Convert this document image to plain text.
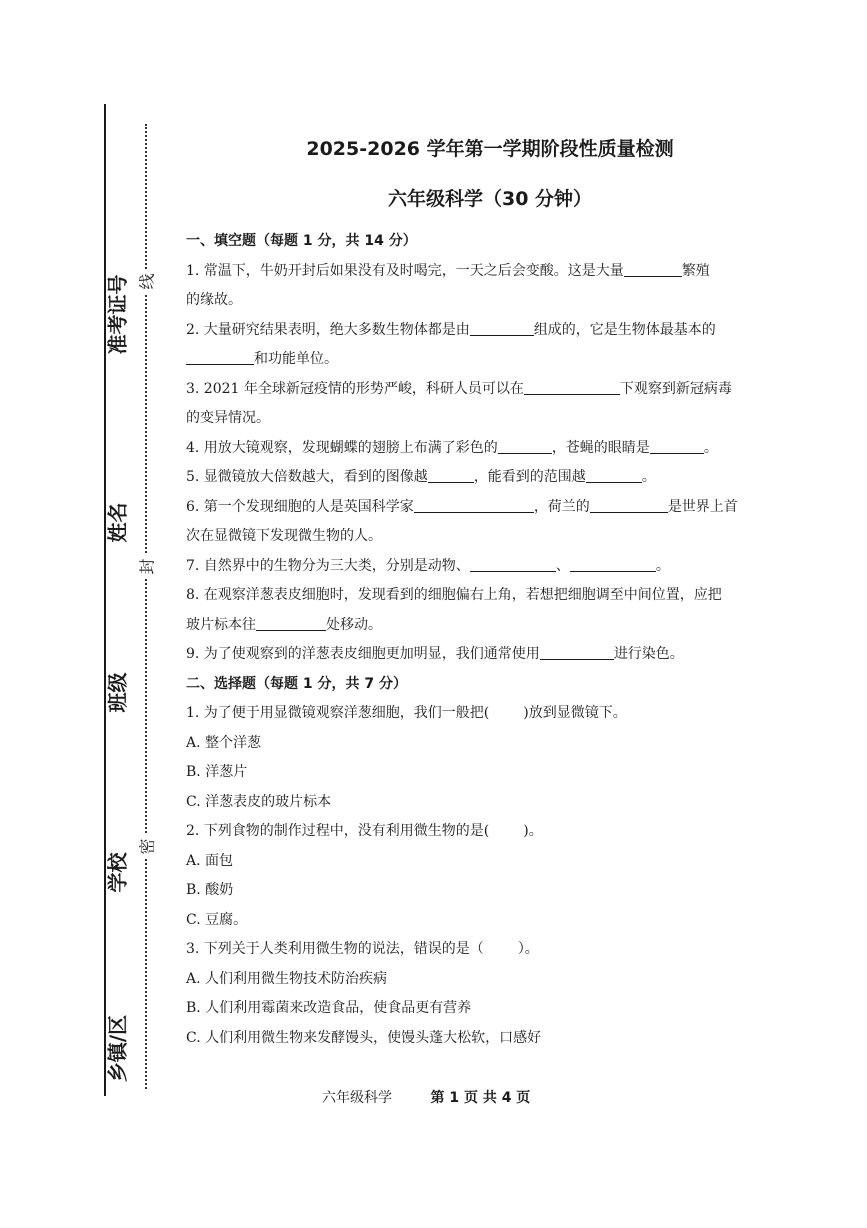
准考证号
姓名
班级
学校
乡镇/区
线
封
密
2025-2026 学年第一学期阶段性质量检测
六年级科学（30 分钟）
一、填空题（每题 1 分，共 14 分）
1. 常温下，牛奶开封后如果没有及时喝完，一天之后会变酸。这是大量	繁殖
的缘故。
2. 大量研究结果表明，绝大多数生物体都是由	组成的，它是生物体最基本的
和功能单位。
3. 2021 年全球新冠疫情的形势严峻，科研人员可以在	下观察到新冠病毒
的变异情况。
4. 用放大镜观察，发现蝴蝶的翅膀上布满了彩色的	，苍蝇的眼睛是	。
5. 显微镜放大倍数越大，看到的图像越	，能看到的范围越	。
6. 第一个发现细胞的人是英国科学家	，荷兰的	是世界上首
次在显微镜下发现微生物的人。
7. 自然界中的生物分为三大类，分别是动物、	、	。
8. 在观察洋葱表皮细胞时，发现看到的细胞偏右上角，若想把细胞调至中间位置，应把
玻片标本往	处移动。
9. 为了使观察到的洋葱表皮细胞更加明显，我们通常使用	进行染色。
二、选择题（每题 1 分，共 7 分）
1. 为了便于用显微镜观察洋葱细胞，我们一般把( )放到显微镜下。
A. 整个洋葱
B. 洋葱片
C. 洋葱表皮的玻片标本
2. 下列食物的制作过程中，没有利用微生物的是( )。
A. 面包
B. 酸奶
C. 豆腐。
3. 下列关于人类利用微生物的说法，错误的是（ ）。
A. 人们利用微生物技术防治疾病
B. 人们利用霉菌来改造食品，使食品更有营养
C. 人们利用微生物来发酵馒头，使馒头蓬大松软，口感好
六年级科学	第 1 页 共 4 页
